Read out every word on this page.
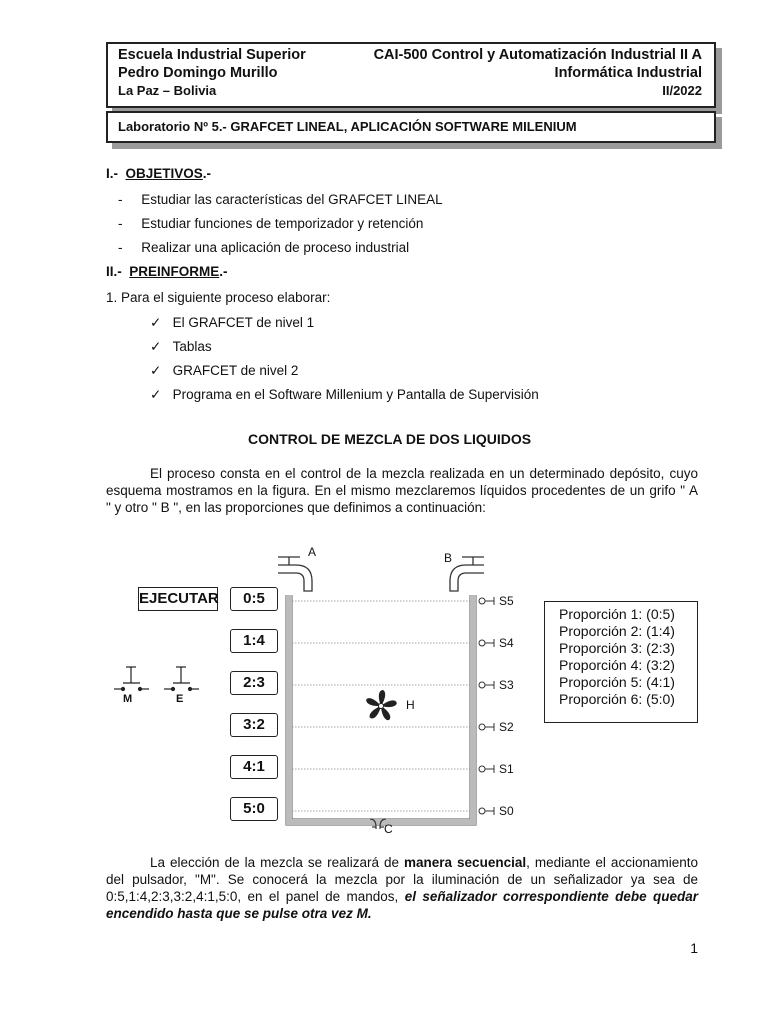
Escuela Industrial Superior
Pedro Domingo Murillo
La Paz – Bolivia
CAI-500 Control y Automatización Industrial II A
Informática Industrial
II/2022
Laboratorio Nº 5.- GRAFCET LINEAL, APLICACIÓN SOFTWARE MILENIUM
I.- OBJETIVOS.-
-     Estudiar las características del GRAFCET LINEAL
-     Estudiar funciones de temporizador y retención
-     Realizar una aplicación de proceso industrial
II.- PREINFORME.-
1. Para el siguiente proceso elaborar:
✓   El GRAFCET de nivel 1
✓   Tablas
✓   GRAFCET de nivel 2
✓   Programa en el Software Millenium y Pantalla de Supervisión
CONTROL DE MEZCLA DE DOS LIQUIDOS

El proceso consta en el control de la mezcla realizada en un determinado depósito, cuyo

esquema mostramos en la figura. En el mismo mezclaremos líquidos procedentes de un grifo " A

" y otro " B ", en las proporciones que definimos a continuación:

A	B
C
H
M	E
S5
S4
S3
S2
S1
S0
EJECUTAR	0:5
1:4
2:3
3:2
4:1
5:0
Proporción 1: (0:5)
Proporción 2: (1:4)
Proporción 3: (2:3)
Proporción 4: (3:2)
Proporción 5: (4:1)
Proporción 6: (5:0)

La elección de la mezcla se realizará de manera secuencial, mediante el accionamiento

del pulsador, "M". Se conocerá la mezcla por la iluminación de un señalizador ya sea de

0:5,1:4,2:3,3:2,4:1,5:0, en el panel de mandos, el señalizador correspondiente debe quedar

encendido hasta que se pulse otra vez M.

1
